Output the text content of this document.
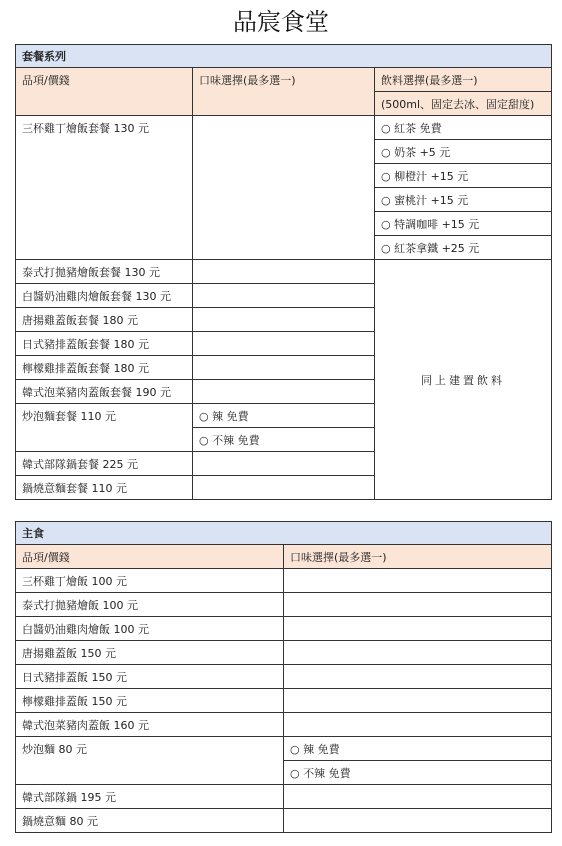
品宸食堂
套餐系列		
品項/價錢	口味選擇(最多選一)	飲料選擇(最多選一)
		(500ml、固定去冰、固定甜度)
三杯雞丁燴飯套餐 130 元		○ 紅茶 免費
		○ 奶茶 +5 元
		○ 柳橙汁 +15 元
		○ 蜜桃汁 +15 元
		○ 特調咖啡 +15 元
		○ 紅茶拿鐵 +25 元
泰式打拋豬燴飯套餐 130 元		同上建置飲料
白醬奶油雞肉燴飯套餐 130 元		
唐揚雞蓋飯套餐 180 元		
日式豬排蓋飯套餐 180 元		
檸檬雞排蓋飯套餐 180 元		
韓式泡菜豬肉蓋飯套餐 190 元		
炒泡麵套餐 110 元	○ 辣 免費	
	○ 不辣 免費	
韓式部隊鍋套餐 225 元		
鍋燒意麵套餐 110 元		
主食	
品項/價錢	口味選擇(最多選一)
三杯雞丁燴飯 100 元	
泰式打拋豬燴飯 100 元	
白醬奶油雞肉燴飯 100 元	
唐揚雞蓋飯 150 元	
日式豬排蓋飯 150 元	
檸檬雞排蓋飯 150 元	
韓式泡菜豬肉蓋飯 160 元	
炒泡麵 80 元	○ 辣 免費
	○ 不辣 免費
韓式部隊鍋 195 元	
鍋燒意麵 80 元	
